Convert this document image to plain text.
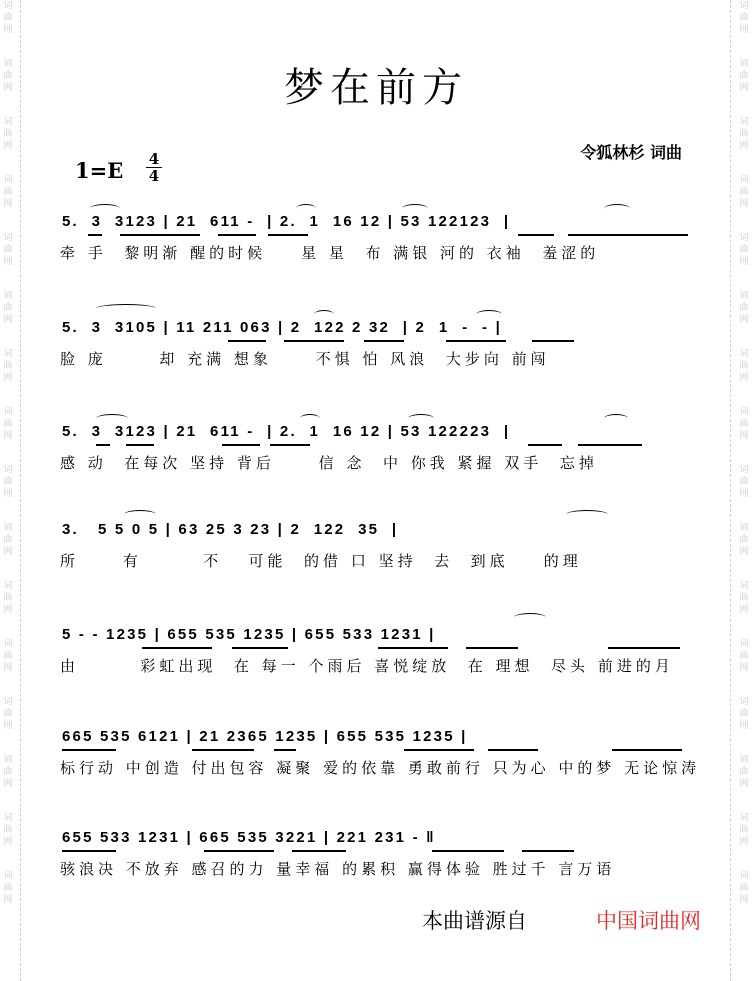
词
曲
网
词
曲
网
词
曲
网
词
曲
网
词
曲
网
词
曲
网
词
曲
网
词
曲
网
词
曲
网
词
曲
网
词
曲
网
词
曲
网
词
曲
网
词
曲
网
词
曲
网
词
曲
网
词
曲
网
词
曲
网
词
曲
网
词
曲
网
词
曲
网
词
曲
网
词
曲
网
词
曲
网
词
曲
网
词
曲
网
词
曲
网
词
曲
网
词
曲
网
词
曲
网
词
曲
网
词
曲
网
梦在前方
令狐林杉 词曲
1=E 4
4
5.  3  3123 | 21  611 -  | 2.  1  16 12 | 53 122123  |
牵 手  黎明渐 醒的时候    星 星  布 满银 河的 衣袖  羞涩的
5.  3  3105 | 11 211 063 | 2  122 2 32  | 2  1  -  - |
脸 庞      却 充满 想象     不惧 怕 风浪  大步向 前闯
5.  3  3123 | 21  611 -  | 2.  1  16 12 | 53 122223  |
感 动  在每次 坚持 背后     信 念  中 你我 紧握 双手  忘掉
3.   5 5 0 5 | 63 25 3 23 | 2  122  35  |
所     有       不   可能  的借 口 坚持  去  到底    的理
5 - - 1235 | 655 535 1235 | 655 533 1231 |
由       彩虹出现  在 每一 个雨后 喜悦绽放  在 理想  尽头 前进的月
665 535 6121 | 21 2365 1235 | 655 535 1235 |
标行动 中创造 付出包容 凝聚 爱的依靠 勇敢前行 只为心 中的梦 无论惊涛
655 533 1231 | 665 535 3221 | 221 231 - ‖
骇浪决 不放弃 感召的力 量幸福 的累积 赢得体验 胜过千 言万语
本曲谱源自	中国词曲网
